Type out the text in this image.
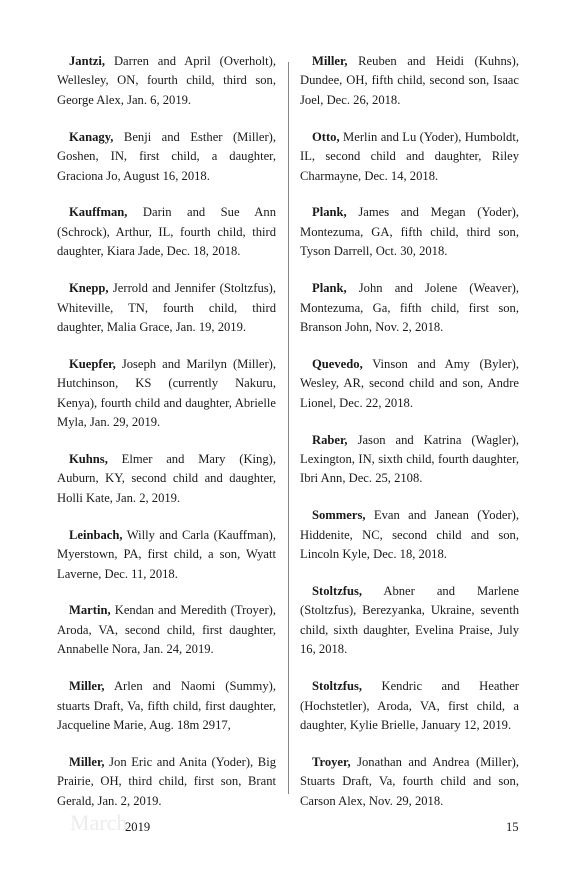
Jantzi, Darren and April (Overholt), Wellesley, ON, fourth child, third son, George Alex, Jan. 6, 2019.

Kanagy, Benji and Esther (Miller), Goshen, IN, first child, a daughter, Graciona Jo, August 16, 2018.

Kauffman, Darin and Sue Ann (Schrock), Arthur, IL, fourth child, third daughter, Kiara Jade, Dec. 18, 2018.

Knepp, Jerrold and Jennifer (Stoltzfus), Whiteville, TN, fourth child, third daughter, Malia Grace, Jan. 19, 2019.

Kuepfer, Joseph and Marilyn (Miller), Hutchinson, KS (currently Nakuru, Kenya), fourth child and daughter, Abrielle Myla, Jan. 29, 2019.

Kuhns, Elmer and Mary (King), Auburn, KY, second child and daughter, Holli Kate, Jan. 2, 2019.

Leinbach, Willy and Carla (Kauffman), Myerstown, PA, first child, a son, Wyatt Laverne, Dec. 11, 2018.

Martin, Kendan and Meredith (Troyer), Aroda, VA, second child, first daughter, Annabelle Nora, Jan. 24, 2019.

Miller, Arlen and Naomi (Summy), stuarts Draft, Va, fifth child, first daughter, Jacqueline Marie, Aug. 18m 2917,

Miller, Jon Eric and Anita (Yoder), Big Prairie, OH, third child, first son, Brant Gerald, Jan. 2, 2019.

Miller, Reuben and Heidi (Kuhns), Dundee, OH, fifth child, second son, Isaac Joel, Dec. 26, 2018.

Otto, Merlin and Lu (Yoder), Humboldt, IL, second child and daughter, Riley Charmayne, Dec. 14, 2018.

Plank, James and Megan (Yoder), Montezuma, GA, fifth child, third son, Tyson Darrell, Oct. 30, 2018.

Plank, John and Jolene (Weaver), Montezuma, Ga, fifth child, first son, Branson John, Nov. 2, 2018.

Quevedo, Vinson and Amy (Byler), Wesley, AR, second child and son, Andre Lionel, Dec. 22, 2018.

Raber, Jason and Katrina (Wagler), Lexington, IN, sixth child, fourth daughter, Ibri Ann, Dec. 25, 2108.

Sommers, Evan and Janean (Yoder), Hiddenite, NC, second child and son, Lincoln Kyle, Dec. 18, 2018.

Stoltzfus, Abner and Marlene (Stoltzfus), Berezyanka, Ukraine, seventh child, sixth daughter, Evelina Praise, July 16, 2018.

Stoltzfus, Kendric and Heather (Hochstetler), Aroda, VA, first child, a daughter, Kylie Brielle, January 12, 2019.

Troyer, Jonathan and Andrea (Miller), Stuarts Draft, Va, fourth child and son, Carson Alex, Nov. 29, 2018.

March
2019	15
